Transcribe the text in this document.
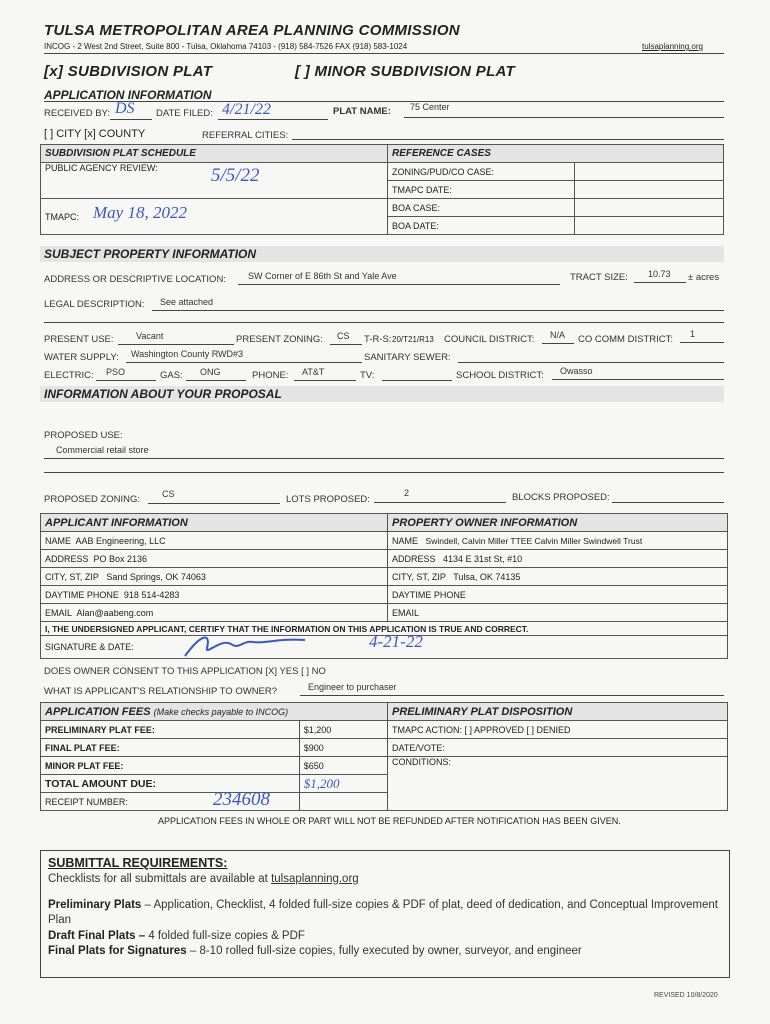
TULSA METROPOLITAN AREA PLANNING COMMISSION
INCOG - 2 West 2nd Street, Suite 800 - Tulsa, Oklahoma 74103 - (918) 584-7526 FAX (918) 583-1024	tulsaplanning.org
[x] SUBDIVISION PLAT	[ ] MINOR SUBDIVISION PLAT
APPLICATION INFORMATION
RECEIVED BY: DS DATE FILED: 4/21/22	PLAT NAME: 75 Center
[ ] CITY [x] COUNTY	REFERRAL CITIES:
SUBDIVISION PLAT SCHEDULE	REFERENCE CASES	
PUBLIC AGENCY REVIEW: 5/5/22	ZONING/PUD/CO CASE:	
	TMAPC DATE:	
TMAPC: May 18, 2022	BOA CASE:	
	BOA DATE:	
SUBJECT PROPERTY INFORMATION
ADDRESS OR DESCRIPTIVE LOCATION: SW Corner of E 86th St and Yale Ave	TRACT SIZE: 10.73 ± acres
LEGAL DESCRIPTION: See attached
PRESENT USE: Vacant	PRESENT ZONING: CS T-R-S: 20/T21/R13 COUNCIL DISTRICT: N/A CO COMM DISTRICT: 1
WATER SUPPLY: Washington County RWD#3	SANITARY SEWER:
ELECTRIC: PSO	GAS: ONG	PHONE: AT&T	TV:	SCHOOL DISTRICT: Owasso
INFORMATION ABOUT YOUR PROPOSAL
PROPOSED USE:
Commercial retail store
PROPOSED ZONING: CS	LOTS PROPOSED:
2	BLOCKS PROPOSED:
APPLICANT INFORMATION	PROPERTY OWNER INFORMATION
NAME AAB Engineering, LLC	NAME Swindell, Calvin Miller TTEE Calvin Miller Swindwell Trust
ADDRESS PO Box 2136	ADDRESS 4134 E 31st St, #10
CITY, ST, ZIP Sand Springs, OK 74063	CITY, ST, ZIP Tulsa, OK 74135
DAYTIME PHONE 918 514-4283	DAYTIME PHONE
EMAIL Alan@aabeng.com	EMAIL
I, THE UNDERSIGNED APPLICANT, CERTIFY THAT THE INFORMATION ON THIS APPLICATION IS TRUE AND CORRECT.	
SIGNATURE & DATE: 4-21-22	
DOES OWNER CONSENT TO THIS APPLICATION [X] YES [ ] NO
WHAT IS APPLICANT'S RELATIONSHIP TO OWNER?	Engineer to purchaser
APPLICATION FEES (Make checks payable to INCOG)		PRELIMINARY PLAT DISPOSITION
PRELIMINARY PLAT FEE:	$1,200	TMAPC ACTION: [ ] APPROVED [ ] DENIED
FINAL PLAT FEE:	$900	DATE/VOTE:
MINOR PLAT FEE:	$650	CONDITIONS:
TOTAL AMOUNT DUE:	$1,200	
RECEIPT NUMBER: 234608		

APPLICATION FEES IN WHOLE OR PART WILL NOT BE REFUNDED AFTER NOTIFICATION HAS BEEN GIVEN.
SUBMITTAL REQUIREMENTS:
Checklists for all submittals are available at tulsaplanning.org
Preliminary Plats – Application, Checklist, 4 folded full-size copies & PDF of plat, deed of dedication, and Conceptual Improvement Plan
Draft Final Plats – 4 folded full-size copies & PDF
Final Plats for Signatures – 8-10 rolled full-size copies, fully executed by owner, surveyor, and engineer
REVISED 10/8/2020
